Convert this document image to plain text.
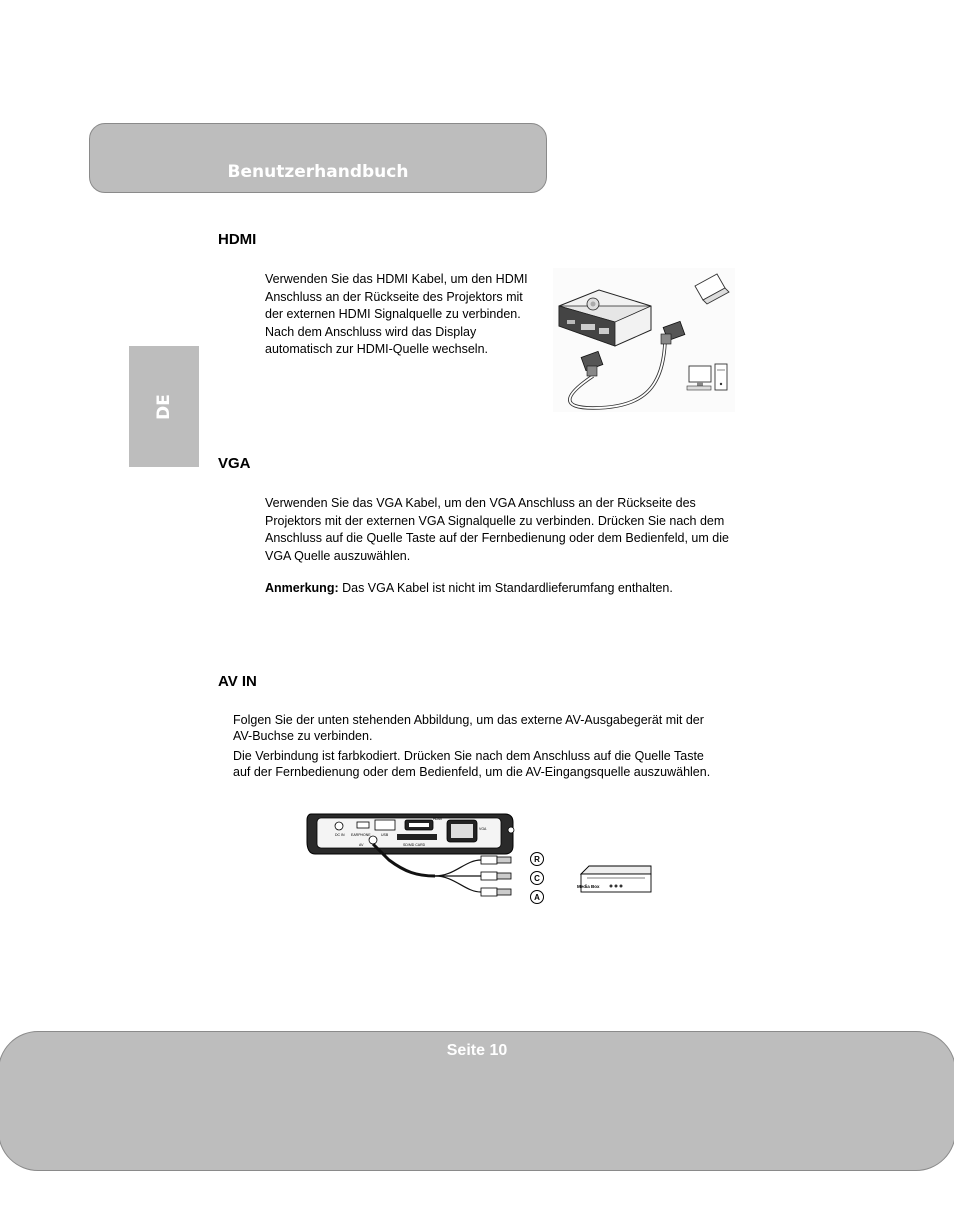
Benutzerhandbuch
DE
HDMI

Verwenden Sie das HDMI Kabel, um den HDMI Anschluss an der Rückseite des Projektors mit der externen HDMI Signalquelle zu verbinden. Nach dem Anschluss wird das Display automatisch zur HDMI-Quelle wechseln.

VGA

Verwenden Sie das VGA Kabel, um den VGA Anschluss an der Rückseite des Projektors mit der externen VGA Signalquelle zu verbinden. Drücken Sie nach dem Anschluss auf die Quelle Taste auf der Fernbedienung oder dem Bedienfeld, um die VGA Quelle auszuwählen.

Anmerkung: Das VGA Kabel ist nicht im Standardlieferumfang enthalten.

AV IN

Folgen Sie der unten stehenden Abbildung, um das externe AV-Ausgabegerät mit der AV-Buchse zu verbinden.

Die Verbindung ist farbkodiert. Drücken Sie nach dem Anschluss auf die Quelle Taste auf der Fernbedienung oder dem Bedienfeld, um die AV-Eingangsquelle auszuwählen.

DC IN EARPHONE	USB
HDMI
SD/MD CARD
AV
VGA
R
C
A
Media Box
Seite 10
